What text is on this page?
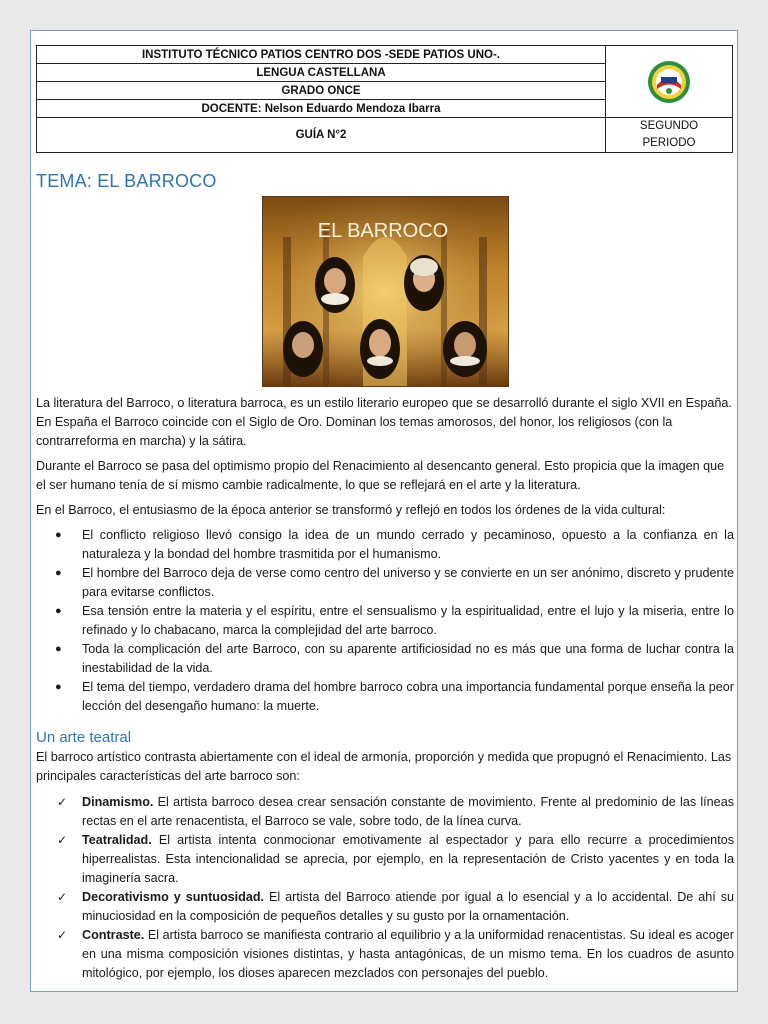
INSTITUTO TÉCNICO PATIOS CENTRO DOS -SEDE PATIOS UNO-.	

LENGUA CASTELLANA	
GRADO ONCE	
DOCENTE: Nelson Eduardo Mendoza Ibarra	
GUÍA N°2	SEGUNDO
PERIODO
TEMA: EL BARROCO
EL BARROCO

La literatura del Barroco, o literatura barroca, es un estilo literario europeo que se desarrolló durante el siglo XVII en España. En España el Barroco coincide con el Siglo de Oro. Dominan los temas amorosos, del honor, los religiosos (con la contrarreforma en marcha) y la sátira.

Durante el Barroco se pasa del optimismo propio del Renacimiento al desencanto general. Esto propicia que la imagen que el ser humano tenía de sí mismo cambie radicalmente, lo que se reflejará en el arte y la literatura.

En el Barroco, el entusiasmo de la época anterior se transformó y reflejó en todos los órdenes de la vida cultural:

●	El conflicto religioso llevó consigo la idea de un mundo cerrado y pecaminoso, opuesto a la confianza en la naturaleza y la bondad del hombre trasmitida por el humanismo.
●	El hombre del Barroco deja de verse como centro del universo y se convierte en un ser anónimo, discreto y prudente para evitarse conflictos.
●	Esa tensión entre la materia y el espíritu, entre el sensualismo y la espiritualidad, entre el lujo y la miseria, entre lo refinado y lo chabacano, marca la complejidad del arte barroco.
●	Toda la complicación del arte Barroco, con su aparente artificiosidad no es más que una forma de luchar contra la inestabilidad de la vida.
●	El tema del tiempo, verdadero drama del hombre barroco cobra una importancia fundamental porque enseña la peor lección del desengaño humano: la muerte.
Un arte teatral

El barroco artístico contrasta abiertamente con el ideal de armonía, proporción y medida que propugnó el Renacimiento. Las principales características del arte barroco son:

✓ Dinamismo. El artista barroco desea crear sensación constante de movimiento. Frente al predominio de las líneas rectas en el arte renacentista, el Barroco se vale, sobre todo, de la línea curva.
✓ Teatralidad. El artista intenta conmocionar emotivamente al espectador y para ello recurre a procedimientos hiperrealistas. Esta intencionalidad se aprecia, por ejemplo, en la representación de Cristo yacentes y en toda la imaginería sacra.
✓ Decorativismo y suntuosidad. El artista del Barroco atiende por igual a lo esencial y a lo accidental. De ahí su minuciosidad en la composición de pequeños detalles y su gusto por la ornamentación.
✓ Contraste. El artista barroco se manifiesta contrario al equilibrio y a la uniformidad renacentistas. Su ideal es acoger en una misma composición visiones distintas, y hasta antagónicas, de un mismo tema. En los cuadros de asunto mitológico, por ejemplo, los dioses aparecen mezclados con personajes del pueblo.
